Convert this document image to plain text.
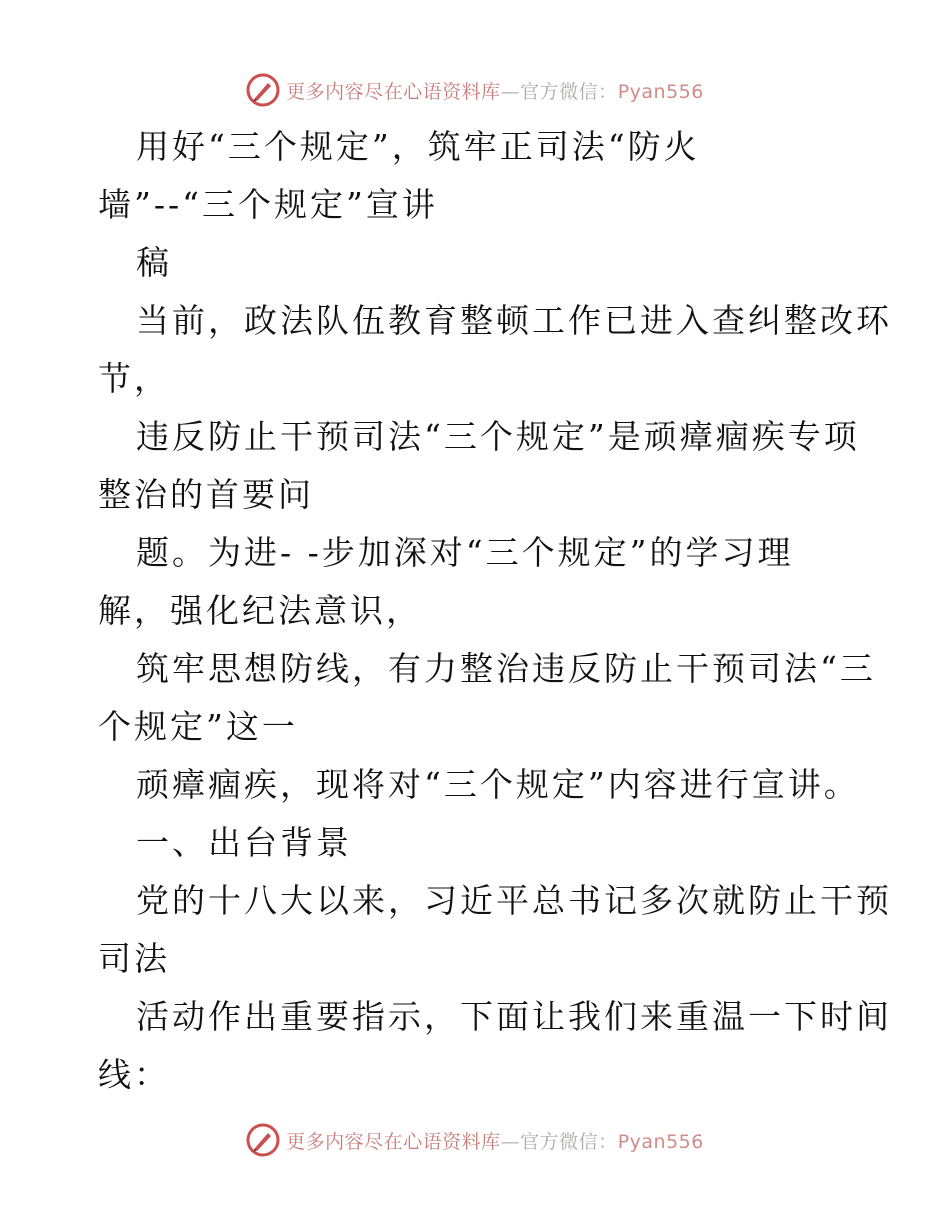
更多内容尽在心语资料库—官方微信：Pyan556
用好“三个规定”，筑牢正司法“防火
墙”--“三个规定”宣讲
稿
当前，政法队伍教育整顿工作已进入查纠整改环
节，
违反防止干预司法“三个规定”是顽瘴痼疾专项
整治的首要问
题。为进- -步加深对“三个规定”的学习理
解，强化纪法意识，
筑牢思想防线，有力整治违反防止干预司法“三
个规定”这一
顽瘴痼疾，现将对“三个规定”内容进行宣讲。
一、出台背景
党的十八大以来，习近平总书记多次就防止干预
司法
活动作出重要指示，下面让我们来重温一下时间
线：
更多内容尽在心语资料库—官方微信：Pyan556
